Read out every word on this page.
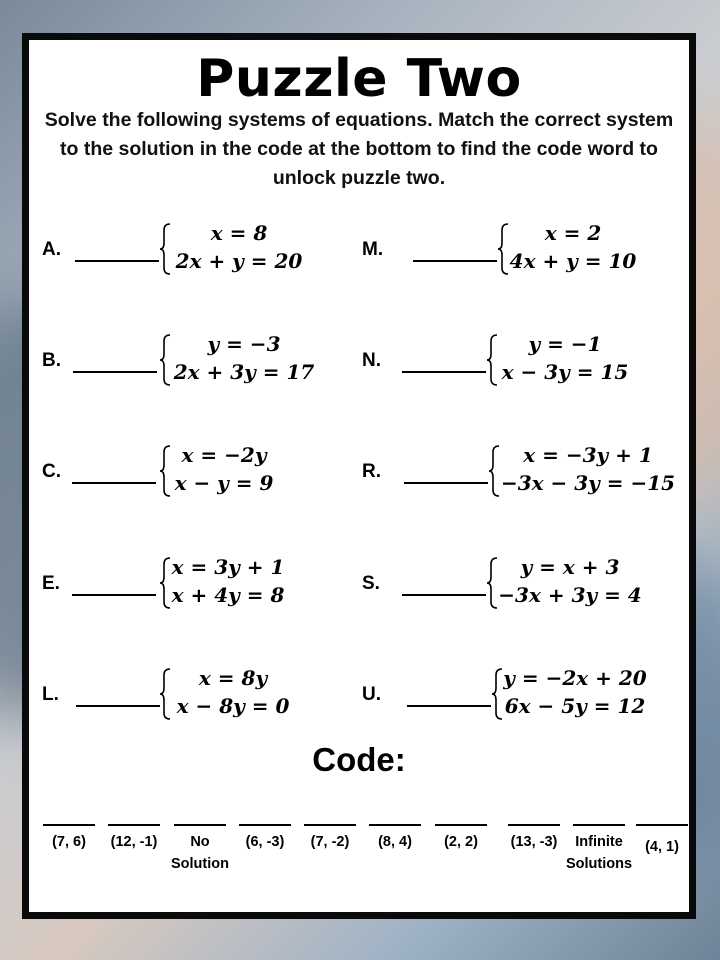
Puzzle Two

Solve the following systems of equations. Match the correct system to the solution in the code at the bottom to find the code word to unlock puzzle two.

A.
x = 8
2x + y = 20
B.
y = −3
2x + 3y = 17
C.
x = −2y
x − y = 9
E.
x = 3y + 1
x + 4y = 8
L.
x = 8y
x − 8y = 0
M.
x = 2
4x + y = 10
N.
y = −1
x − 3y = 15
R.
x = −3y + 1
−3x − 3y = −15
S.
y = x + 3
−3x + 3y = 4
U.
y = −2x + 20
6x − 5y = 12
Code:
(7, 6)	(12, -1)	No
Solution
(6, -3)	(7, -2)	(8, 4)	(2, 2)	(13, -3)	Infinite
Solutions
(4, 1)
